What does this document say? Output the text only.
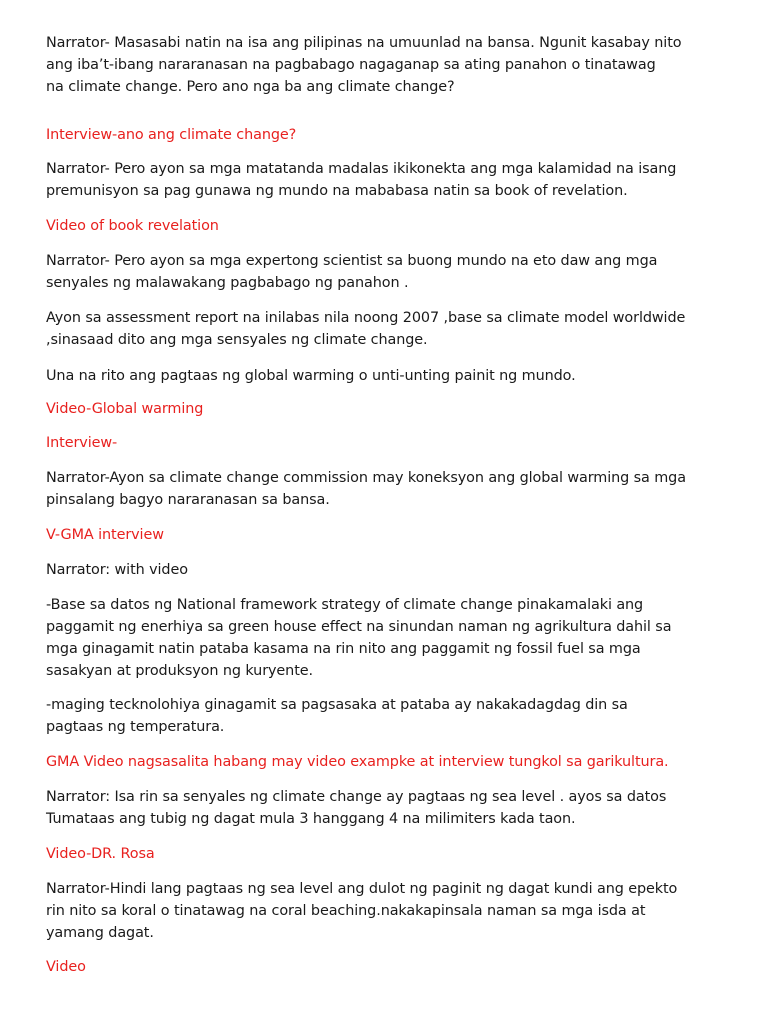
Narrator- Masasabi natin na isa ang pilipinas na umuunlad na bansa. Ngunit kasabay nito
ang iba’t-ibang nararanasan na pagbabago nagaganap sa ating panahon o tinatawag
na climate change. Pero ano nga ba ang climate change?

Interview-ano ang climate change?

Narrator- Pero ayon sa mga matatanda madalas ikikonekta ang mga kalamidad na isang
premunisyon sa pag gunawa ng mundo na mababasa natin sa book of revelation.

Video of book revelation

Narrator- Pero ayon sa mga expertong scientist sa buong mundo na eto daw ang mga
senyales ng malawakang pagbabago ng panahon .

Ayon sa assessment report na inilabas nila noong 2007 ,base sa climate model worldwide
,sinasaad dito ang mga sensyales ng climate change.

Una na rito ang pagtaas ng global warming o unti-unting painit ng mundo.

Video-Global warming

Interview-

Narrator-Ayon sa climate change commission may koneksyon ang global warming sa mga
pinsalang bagyo nararanasan sa bansa.

V-GMA interview

Narrator: with video

-Base sa datos ng National framework strategy of climate change pinakamalaki ang
paggamit ng enerhiya sa green house effect na sinundan naman ng agrikultura dahil sa
mga ginagamit natin pataba kasama na rin nito ang paggamit ng fossil fuel sa mga
sasakyan at produksyon ng kuryente.

-maging tecknolohiya ginagamit sa pagsasaka at pataba ay nakakadagdag din sa
pagtaas ng temperatura.

GMA Video nagsasalita habang may video exampke at interview tungkol sa garikultura.

Narrator: Isa rin sa senyales ng climate change ay pagtaas ng sea level . ayos sa datos
Tumataas ang tubig ng dagat mula 3 hanggang 4 na milimiters kada taon.

Video-DR. Rosa

Narrator-Hindi lang pagtaas ng sea level ang dulot ng paginit ng dagat kundi ang epekto
rin nito sa koral o tinatawag na coral beaching.nakakapinsala naman sa mga isda at
yamang dagat.

Video
